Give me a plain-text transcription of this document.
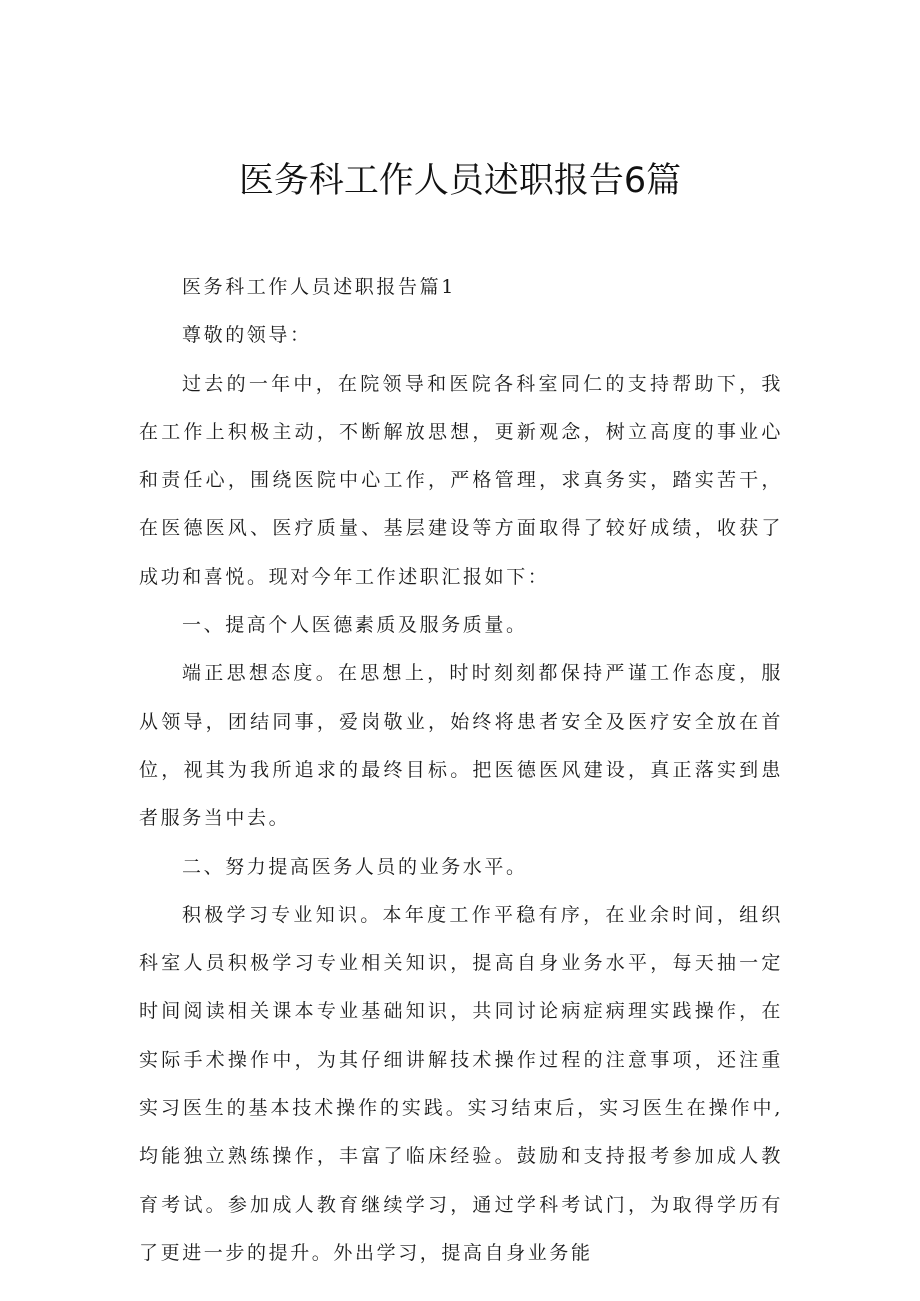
医务科工作人员述职报告6篇

医务科工作人员述职报告篇1

尊敬的领导：

过去的一年中，在院领导和医院各科室同仁的支持帮助下，我在工作上积极主动，不断解放思想，更新观念，树立高度的事业心和责任心，围绕医院中心工作，严格管理，求真务实，踏实苦干，在医德医风、医疗质量、基层建设等方面取得了较好成绩，收获了成功和喜悦。现对今年工作述职汇报如下：

一、提高个人医德素质及服务质量。

端正思想态度。在思想上，时时刻刻都保持严谨工作态度，服从领导，团结同事，爱岗敬业，始终将患者安全及医疗安全放在首位，视其为我所追求的最终目标。把医德医风建设，真正落实到患者服务当中去。

二、努力提高医务人员的业务水平。

积极学习专业知识。本年度工作平稳有序，在业余时间，组织科室人员积极学习专业相关知识，提高自身业务水平，每天抽一定时间阅读相关课本专业基础知识，共同讨论病症病理实践操作，在实际手术操作中，为其仔细讲解技术操作过程的注意事项，还注重实习医生的基本技术操作的实践。实习结束后，实习医生在操作中,均能独立熟练操作，丰富了临床经验。鼓励和支持报考参加成人教育考试。参加成人教育继续学习，通过学科考试门，为取得学历有了更进一步的提升。外出学习，提高自身业务能
